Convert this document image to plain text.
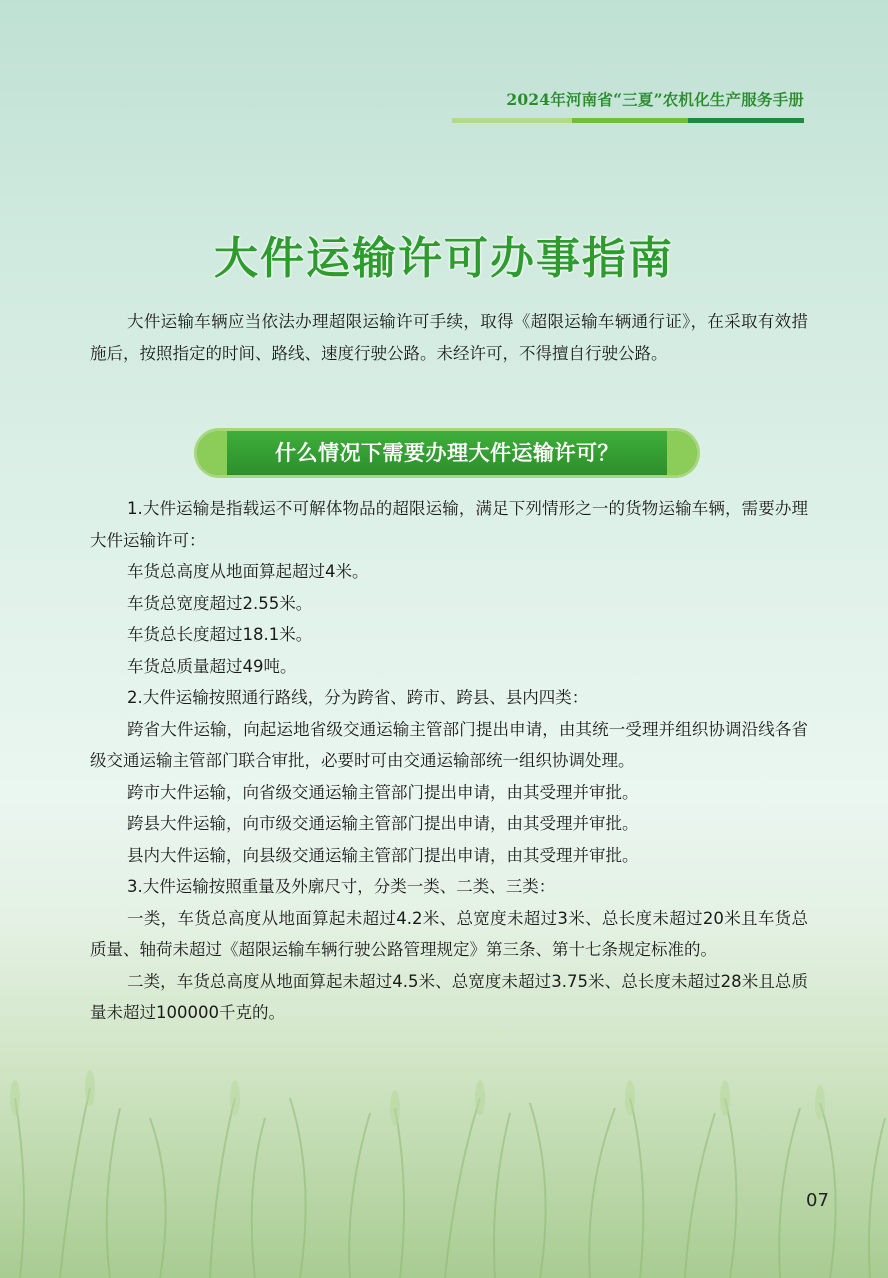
2024年河南省“三夏”农机化生产服务手册
大件运输许可办事指南

大件运输车辆应当依法办理超限运输许可手续，取得《超限运输车辆通行证》，在采取有效措施后，按照指定的时间、路线、速度行驶公路。未经许可，不得擅自行驶公路。

什么情况下需要办理大件运输许可？

1.大件运输是指载运不可解体物品的超限运输，满足下列情形之一的货物运输车辆，需要办理大件运输许可：

车货总高度从地面算起超过4米。

车货总宽度超过2.55米。

车货总长度超过18.1米。

车货总质量超过49吨。

2.大件运输按照通行路线，分为跨省、跨市、跨县、县内四类：

跨省大件运输，向起运地省级交通运输主管部门提出申请，由其统一受理并组织协调沿线各省级交通运输主管部门联合审批，必要时可由交通运输部统一组织协调处理。

跨市大件运输，向省级交通运输主管部门提出申请，由其受理并审批。

跨县大件运输，向市级交通运输主管部门提出申请，由其受理并审批。

县内大件运输，向县级交通运输主管部门提出申请，由其受理并审批。

3.大件运输按照重量及外廓尺寸，分类一类、二类、三类：

一类，车货总高度从地面算起未超过4.2米、总宽度未超过3米、总长度未超过20米且车货总质量、轴荷未超过《超限运输车辆行驶公路管理规定》第三条、第十七条规定标准的。

二类，车货总高度从地面算起未超过4.5米、总宽度未超过3.75米、总长度未超过28米且总质量未超过100000千克的。

07
